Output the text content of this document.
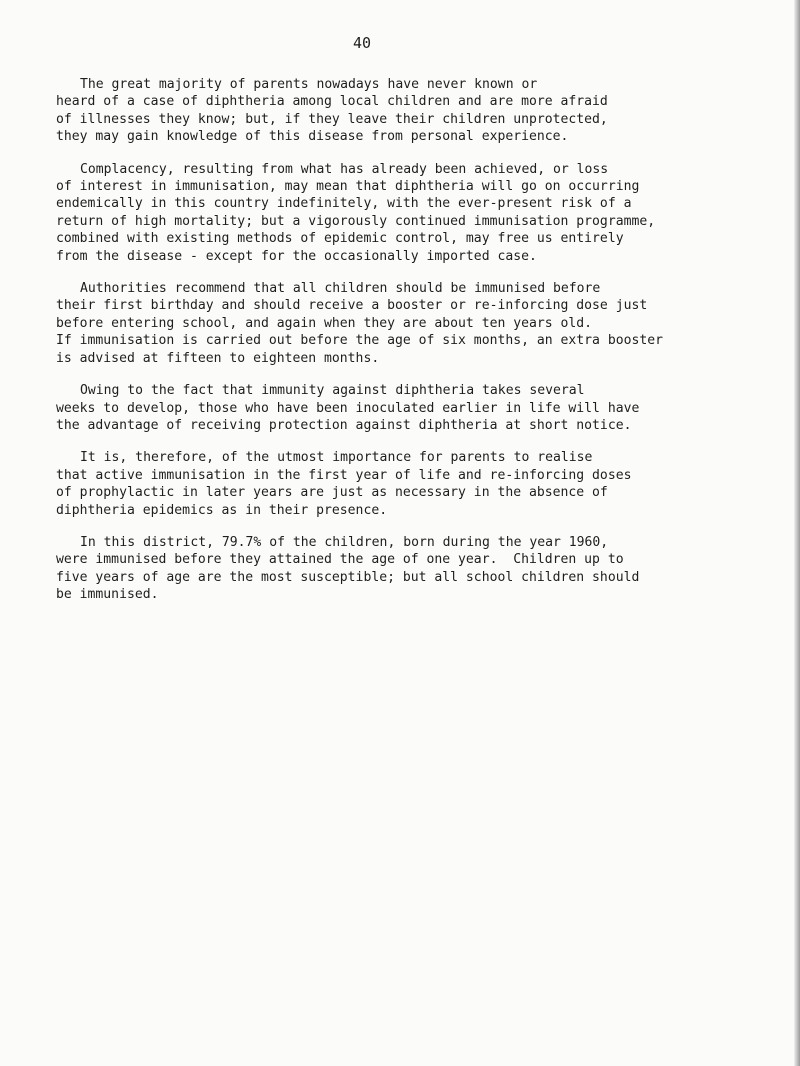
40

The great majority of parents nowadays have never known or
heard of a case of diphtheria among local children and are more afraid
of illnesses they know; but, if they leave their children unprotected,
they may gain knowledge of this disease from personal experience.

Complacency, resulting from what has already been achieved, or loss
of interest in immunisation, may mean that diphtheria will go on occurring
endemically in this country indefinitely, with the ever-present risk of a
return of high mortality; but a vigorously continued immunisation programme,
combined with existing methods of epidemic control, may free us entirely
from the disease - except for the occasionally imported case.

Authorities recommend that all children should be immunised before
their first birthday and should receive a booster or re-inforcing dose just
before entering school, and again when they are about ten years old.
If immunisation is carried out before the age of six months, an extra booster
is advised at fifteen to eighteen months.

Owing to the fact that immunity against diphtheria takes several
weeks to develop, those who have been inoculated earlier in life will have
the advantage of receiving protection against diphtheria at short notice.

It is, therefore, of the utmost importance for parents to realise
that active immunisation in the first year of life and re-inforcing doses
of prophylactic in later years are just as necessary in the absence of
diphtheria epidemics as in their presence.

In this district, 79.7% of the children, born during the year 1960,
were immunised before they attained the age of one year.  Children up to
five years of age are the most susceptible; but all school children should
be immunised.
